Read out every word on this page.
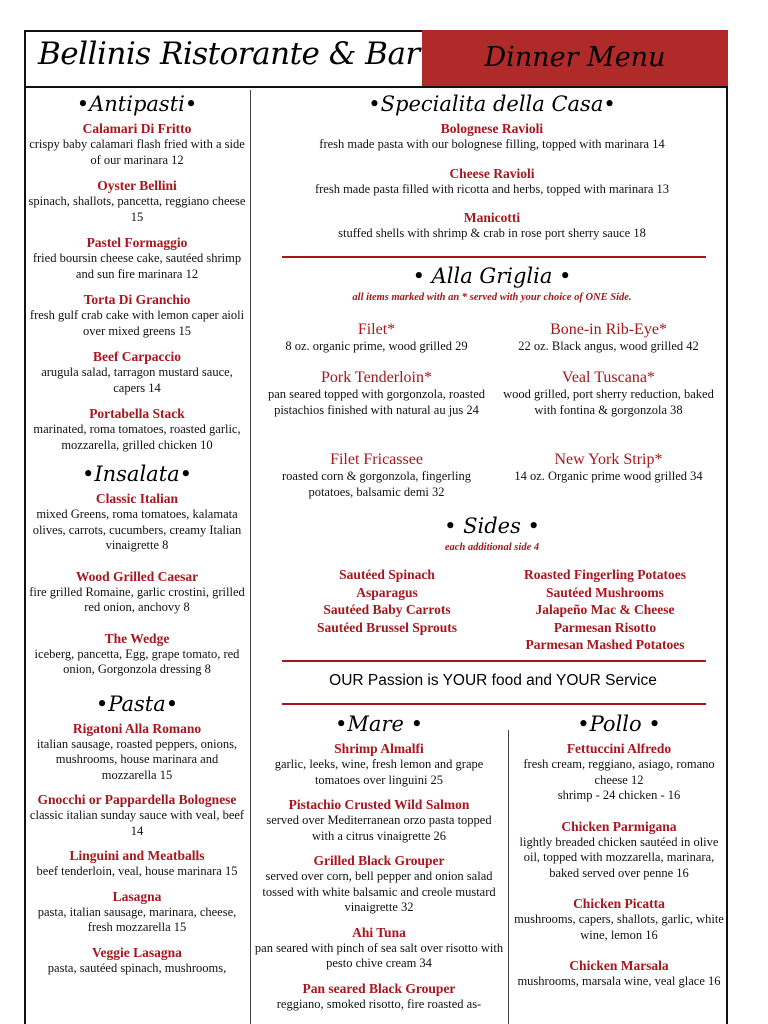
Bellinis Ristorante & Bar	Dinner Menu
•Antipasti•
Calamari Di Fritto
crispy baby calamari flash fried with a side of our marinara 12
Oyster Bellini
spinach, shallots, pancetta, reggiano cheese 15
Pastel Formaggio
fried boursin cheese cake, sautéed shrimp and sun fire marinara 12
Torta Di Granchio
fresh gulf crab cake with lemon caper aioli over mixed greens 15
Beef Carpaccio
arugula salad, tarragon mustard sauce, capers 14
Portabella Stack
marinated, roma tomatoes, roasted garlic, mozzarella, grilled chicken 10
•Insalata•
Classic Italian
mixed Greens, roma tomatoes, kalamata olives, carrots, cucumbers, creamy Italian vinaigrette 8
Wood Grilled Caesar
fire grilled Romaine, garlic crostini, grilled red onion, anchovy 8
The Wedge
iceberg, pancetta, Egg, grape tomato, red onion, Gorgonzola dressing 8
•Pasta•
Rigatoni Alla Romano
italian sausage, roasted peppers, onions, mushrooms, house marinara and mozzarella 15
Gnocchi or Pappardella Bolognese
classic italian sunday sauce with veal, beef 14
Linguini and Meatballs
beef tenderloin, veal, house marinara 15
Lasagna
pasta, italian sausage, marinara, cheese, fresh mozzarella 15
Veggie Lasagna
pasta, sautéed spinach, mushrooms,
•Specialita della Casa•
Bolognese Ravioli
fresh made pasta with our bolognese filling, topped with marinara 14
Cheese Ravioli
fresh made pasta filled with ricotta and herbs, topped with marinara 13
Manicotti
stuffed shells with shrimp & crab in rose port sherry sauce 18
• Alla Griglia •
all items marked with an * served with your choice of ONE Side.
Filet*
8 oz. organic prime, wood grilled 29
Bone-in Rib-Eye*
22 oz. Black angus, wood grilled 42
Pork Tenderloin*
pan seared topped with gorgonzola, roasted pistachios finished with natural au jus 24
Veal Tuscana*
wood grilled, port sherry reduction, baked with fontina & gorgonzola 38
Filet Fricassee
roasted corn & gorgonzola, fingerling potatoes, balsamic demi 32
New York Strip*
14 oz. Organic prime wood grilled 34
• Sides •
each additional side 4
Sautéed Spinach
Asparagus
Sautéed Baby Carrots
Sautéed Brussel Sprouts
Roasted Fingerling Potatoes
Sautéed Mushrooms
Jalapeño Mac & Cheese
Parmesan Risotto
Parmesan Mashed Potatoes
OUR Passion is YOUR food and YOUR Service
•Mare •
Shrimp Almalfi
garlic, leeks, wine, fresh lemon and grape tomatoes over linguini 25
Pistachio Crusted Wild Salmon
served over Mediterranean orzo pasta topped with a citrus vinaigrette 26
Grilled Black Grouper
served over corn, bell pepper and onion salad tossed with white balsamic and creole mustard vinaigrette 32
Ahi Tuna
pan seared with pinch of sea salt over risotto with pesto chive cream 34
Pan seared Black Grouper
reggiano, smoked risotto, fire roasted as-
•Pollo •
Fettuccini Alfredo
fresh cream, reggiano, asiago, romano cheese 12
shrimp - 24 chicken - 16
Chicken Parmigana
lightly breaded chicken sautéed in olive oil, topped with mozzarella, marinara, baked served over penne 16
Chicken Picatta
mushrooms, capers, shallots, garlic, white wine, lemon 16
Chicken Marsala
mushrooms, marsala wine, veal glace 16
